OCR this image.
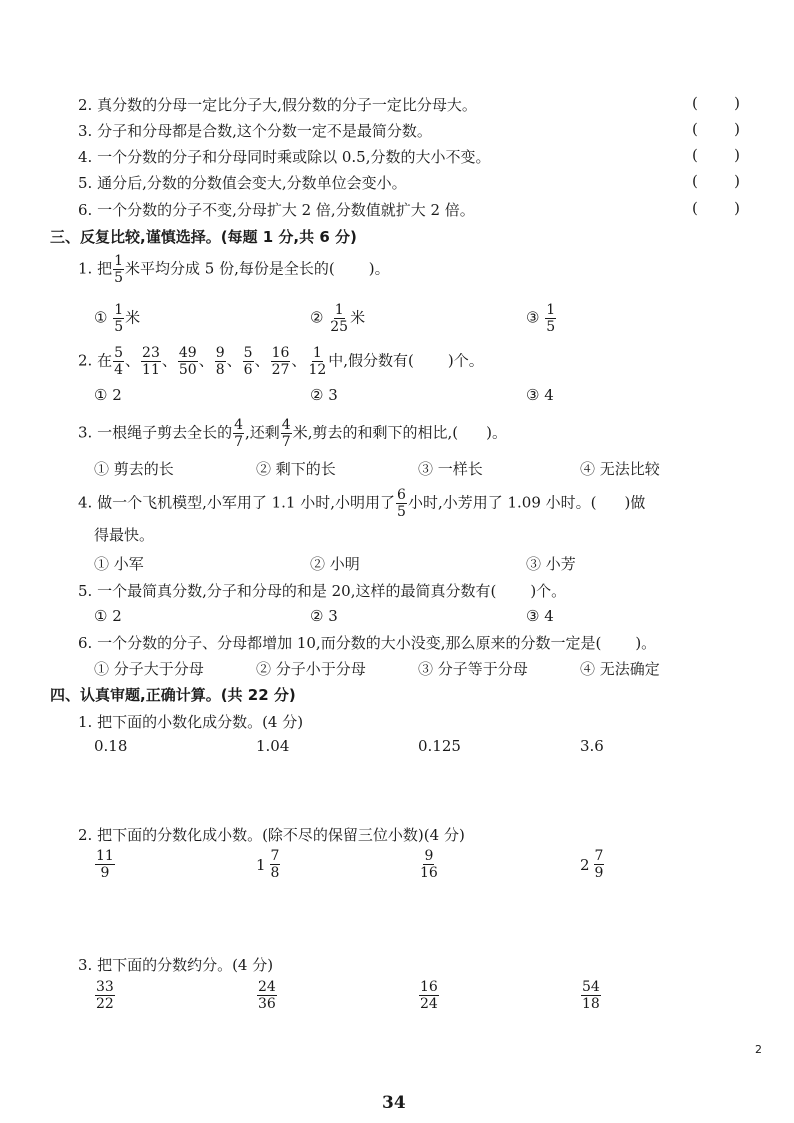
2. 真分数的分母一定比分子大,假分数的分子一定比分母大。	( )
3. 分子和分母都是合数,这个分数一定不是最简分数。	( )
4. 一个分数的分子和分母同时乘或除以 0.5,分数的大小不变。	( )
5. 通分后,分数的分数值会变大,分数单位会变小。	( )
6. 一个分数的分子不变,分母扩大 2 倍,分数值就扩大 2 倍。	( )
三、反复比较,谨慎选择。(每题 1 分,共 6 分)
1. 把 $\frac{1}{5}$ 米平均分成 5 份,每份是全长的( )。
① $\frac{1}{5}$ 米	② $\frac{1}{25}$ 米	③ $\frac{1}{5}$
2. 在 $\frac{5}{4}$ 、 $\frac{23}{11}$ 、 $\frac{49}{50}$ 、 $\frac{9}{8}$ 、 $\frac{5}{6}$ 、 $\frac{16}{27}$ 、 $\frac{1}{12}$ 中,假分数有( )个。
① 2	② 3	③ 4
3. 一根绳子剪去全长的 $\frac{4}{7}$ ,还剩 $\frac{4}{7}$ 米,剪去的和剩下的相比,( )。
① 剪去的长	② 剩下的长	③ 一样长	④ 无法比较
4. 做一个飞机模型,小军用了 1.1 小时,小明用了 $\frac{6}{5}$ 小时,小芳用了 1.09 小时。( )做
得最快。
① 小军	② 小明	③ 小芳
5. 一个最简真分数,分子和分母的和是 20,这样的最简真分数有( )个。
① 2	② 3	③ 4
6. 一个分数的分子、分母都增加 10,而分数的大小没变,那么原来的分数一定是( )。
① 分子大于分母	② 分子小于分母	③ 分子等于分母	④ 无法确定
四、认真审题,正确计算。(共 22 分)
1. 把下面的小数化成分数。(4 分)
0.18	1.04	0.125	3.6
2. 把下面的分数化成小数。(除不尽的保留三位小数)(4 分)
$\frac{11}{9}$	$1 \frac{7}{8}$	$\frac{9}{16}$	$2 \frac{7}{9}$
3. 把下面的分数约分。(4 分)
$\frac{33}{22}$	$\frac{24}{36}$	$\frac{16}{24}$	$\frac{54}{18}$
2
34
